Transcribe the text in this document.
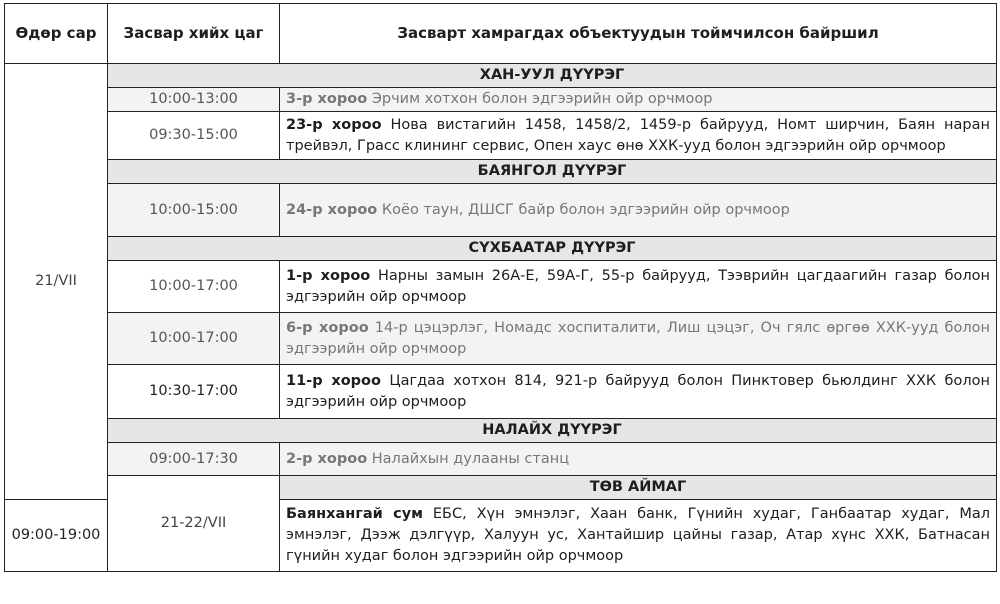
Өдөр сар	Засвар хийх цаг	Засварт хамрагдах объектуудын тоймчилсон байршил
21/VII	ХАН-УУЛ ДҮҮРЭГ	
	10:00-13:00	3-р хороо Эрчим хотхон болон эдгээрийн ойр орчмоор
	09:30-15:00	23-р хороо Нова вистагийн 1458, 1458/2, 1459-р байрууд, Номт ширчин, Баян наран трейвэл, Грасс клининг сервис, Опен хаус өнө ХХК-ууд болон эдгээрийн ойр орчмоор
	БАЯНГОЛ ДҮҮРЭГ	
	10:00-15:00	24-р хороо Коёо таун, ДШСГ байр болон эдгээрийн ойр орчмоор
	СҮХБААТАР ДҮҮРЭГ	
	10:00-17:00	1-р хороо Нарны замын 26А-Е, 59А-Г, 55-р байрууд, Тээврийн цагдаагийн газар болон эдгээрийн ойр орчмоор
	10:00-17:00	6-р хороо 14-р цэцэрлэг, Номадс хоспиталити, Лиш цэцэг, Оч гялс өргөө ХХК-ууд болон эдгээрийн ойр орчмоор
	10:30-17:00	11-р хороо Цагдаа хотхон 814, 921-р байрууд болон Пинктовер бьюлдинг ХХК болон эдгээрийн ойр орчмоор
	НАЛАЙХ ДҮҮРЭГ	
	09:00-17:30	2-р хороо Налайхын дулааны станц
	21-22/VII	ТӨВ АЙМАГ
09:00-19:00		Баянхангай сум ЕБС, Хүн эмнэлэг, Хаан банк, Гүнийн худаг, Ганбаатар худаг, Мал эмнэлэг, Дээж дэлгүүр, Халуун ус, Хантайшир цайны газар, Атар хүнс ХХК, Батнасан гүнийн худаг болон эдгээрийн ойр орчмоор
